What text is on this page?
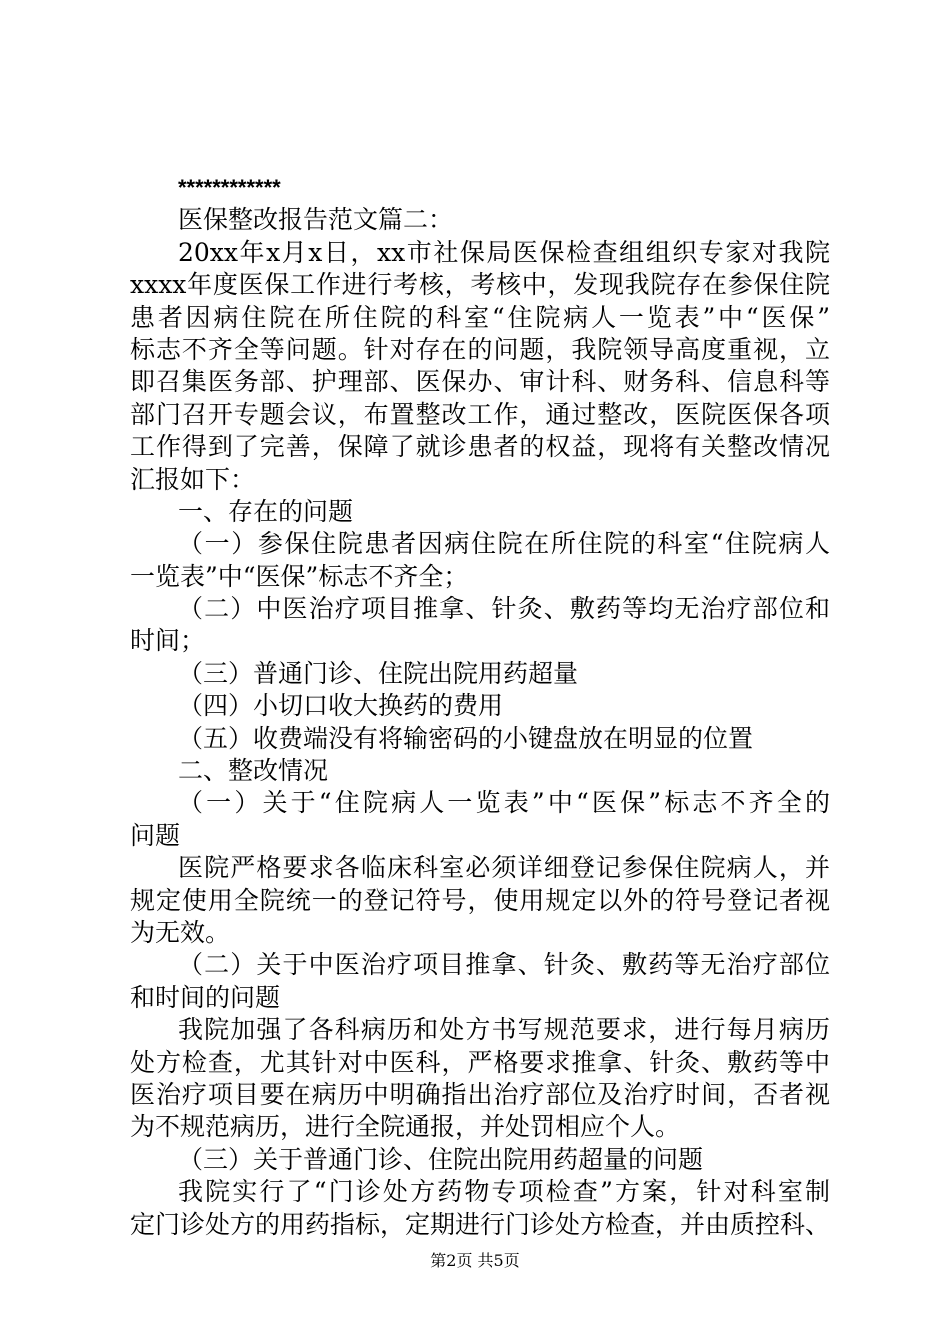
************
医保整改报告范文篇二：
20xx年x月x日，xx市社保局医保检查组组织专家对我院
xxxx年度医保工作进行考核，考核中，发现我院存在参保住院
患者因病住院在所住院的科室“住院病人一览表”中“医保”
标志不齐全等问题。针对存在的问题，我院领导高度重视，立
即召集医务部、护理部、医保办、审计科、财务科、信息科等
部门召开专题会议，布置整改工作，通过整改，医院医保各项
工作得到了完善，保障了就诊患者的权益，现将有关整改情况
汇报如下：
一、存在的问题
（一）参保住院患者因病住院在所住院的科室“住院病人
一览表”中“医保”标志不齐全；
（二）中医治疗项目推拿、针灸、敷药等均无治疗部位和
时间；
（三）普通门诊、住院出院用药超量
（四）小切口收大换药的费用
（五）收费端没有将输密码的小键盘放在明显的位置
二、整改情况
（一）关于“住院病人一览表”中“医保”标志不齐全的
问题
医院严格要求各临床科室必须详细登记参保住院病人，并
规定使用全院统一的登记符号，使用规定以外的符号登记者视
为无效。
（二）关于中医治疗项目推拿、针灸、敷药等无治疗部位
和时间的问题
我院加强了各科病历和处方书写规范要求，进行每月病历
处方检查，尤其针对中医科，严格要求推拿、针灸、敷药等中
医治疗项目要在病历中明确指出治疗部位及治疗时间，否者视
为不规范病历，进行全院通报，并处罚相应个人。
（三）关于普通门诊、住院出院用药超量的问题
我院实行了“门诊处方药物专项检查”方案，针对科室制
定门诊处方的用药指标，定期进行门诊处方检查，并由质控科、
第2页 共5页
